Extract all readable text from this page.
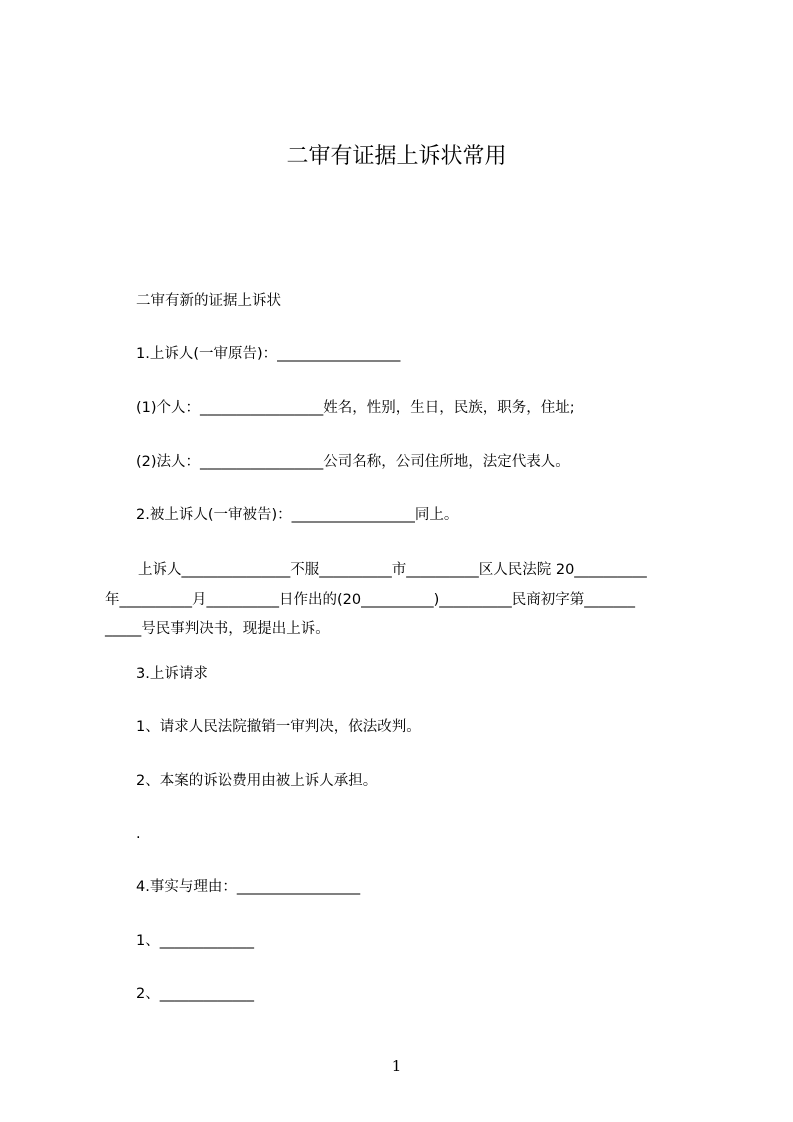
二审有证据上诉状常用
二审有新的证据上诉状
1.上诉人(一审原告)：_________________
(1)个人：_________________姓名，性别，生日，民族，职务，住址;
(2)法人：_________________公司名称，公司住所地，法定代表人。
2.被上诉人(一审被告)：_________________同上。
上诉人_______________不服__________市__________区人民法院 20__________
年__________月__________日作出的(20__________)__________民商初字第_______
_____号民事判决书，现提出上诉。
3.上诉请求
1、请求人民法院撤销一审判决，依法改判。
2、本案的诉讼费用由被上诉人承担。
.
4.事实与理由：_________________
1、_____________
2、_____________
1
